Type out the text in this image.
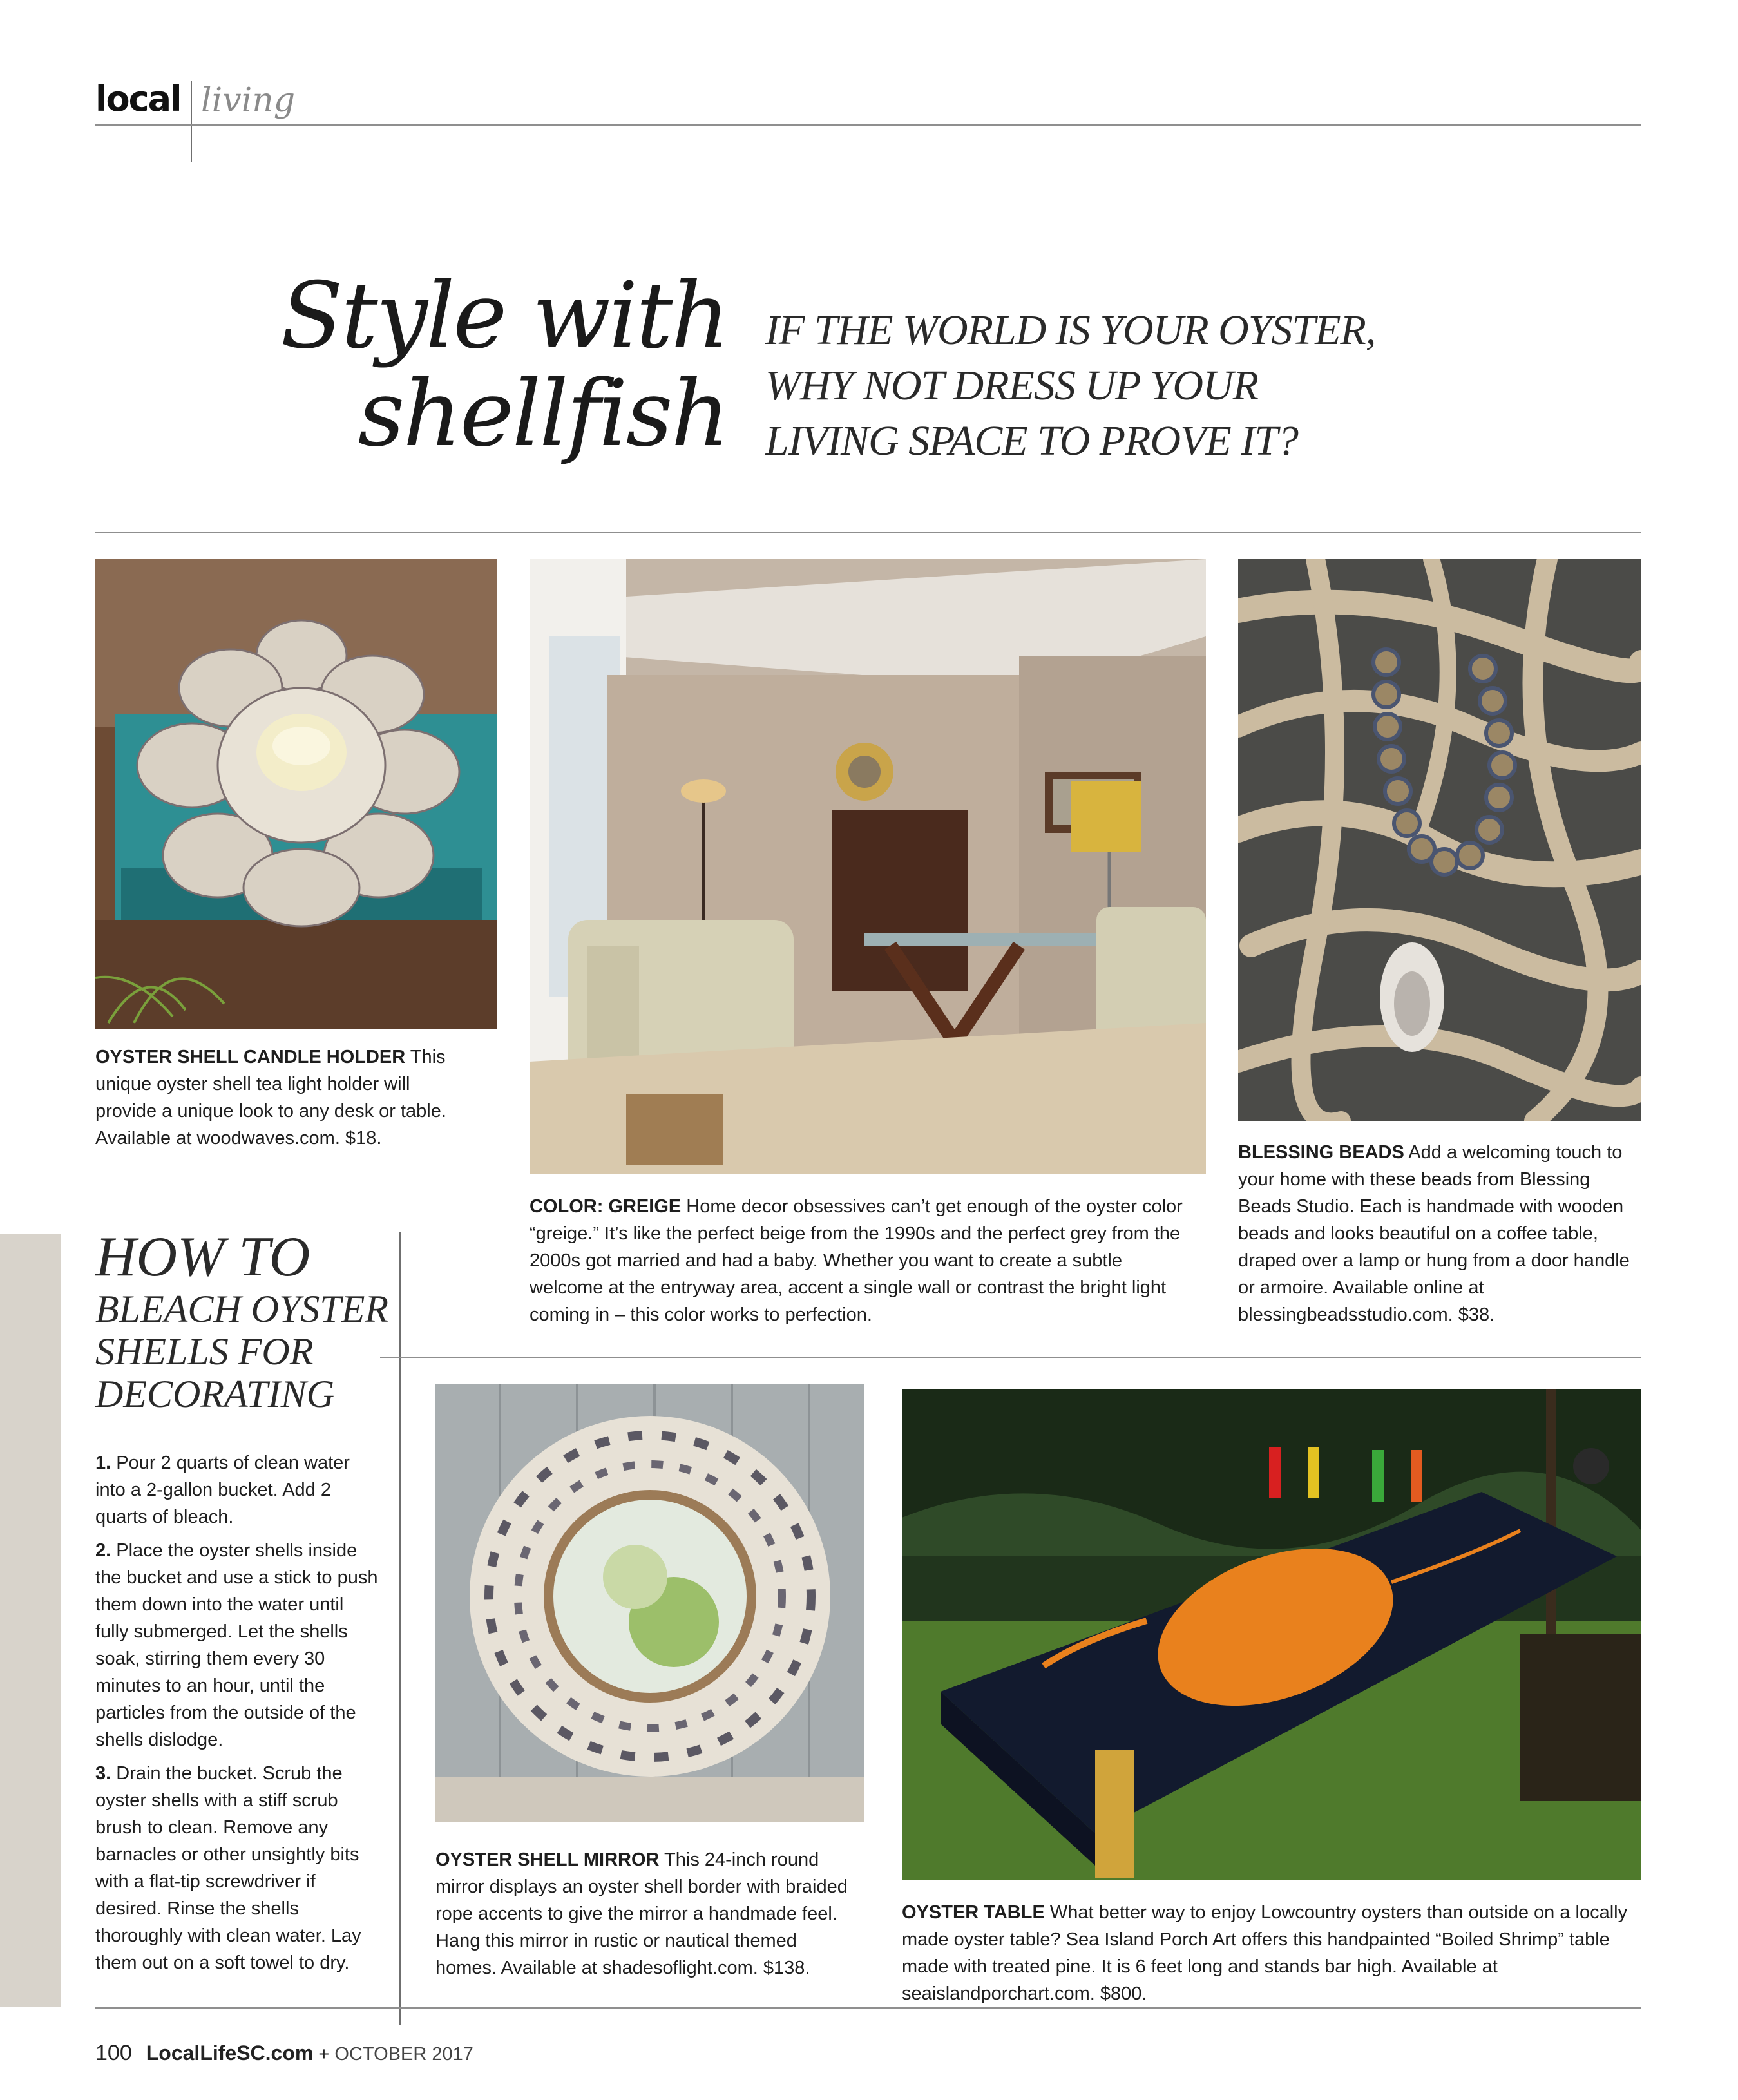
local living
Style with
shellfish
IF THE WORLD IS YOUR OYSTER,
WHY NOT DRESS UP YOUR
LIVING SPACE TO PROVE IT?
OYSTER SHELL CANDLE HOLDER This unique oyster shell tea light holder will provide a unique look to any desk or table. Available at woodwaves.com. $18.
COLOR: GREIGE Home decor obsessives can’t get enough of the oyster color “greige.” It’s like the perfect beige from the 1990s and the perfect grey from the 2000s got married and had a baby. Whether you want to create a subtle welcome at the entryway area, accent a single wall or contrast the bright light coming in – this color works to perfection.
BLESSING BEADS Add a welcoming touch to your home with these beads from Blessing Beads Studio. Each is handmade with wooden beads and looks beautiful on a coffee table, draped over a lamp or hung from a door handle or armoire. Available online at blessingbeadsstudio.com. $38.
HOW TO
BLEACH OYSTER
SHELLS FOR
DECORATING

1. Pour 2 quarts of clean water into a 2-gallon bucket. Add 2 quarts of bleach.

2. Place the oyster shells inside the bucket and use a stick to push them down into the water until fully submerged. Let the shells soak, stirring them every 30 minutes to an hour, until the particles from the outside of the shells dislodge.

3. Drain the bucket. Scrub the oyster shells with a stiff scrub brush to clean. Remove any barnacles or other unsightly bits with a flat-tip screwdriver if desired. Rinse the shells thoroughly with clean water. Lay them out on a soft towel to dry.

OYSTER SHELL MIRROR This 24-inch round mirror displays an oyster shell border with braided rope accents to give the mirror a handmade feel. Hang this mirror in rustic or nautical themed homes. Available at shadesoflight.com. $138.
OYSTER TABLE What better way to enjoy Lowcountry oysters than outside on a locally made oyster table? Sea Island Porch Art offers this handpainted “Boiled Shrimp” table made with treated pine. It is 6 feet long and stands bar high. Available at seaislandporchart.com. $800.
100 LocalLifeSC.com + OCTOBER 2017
